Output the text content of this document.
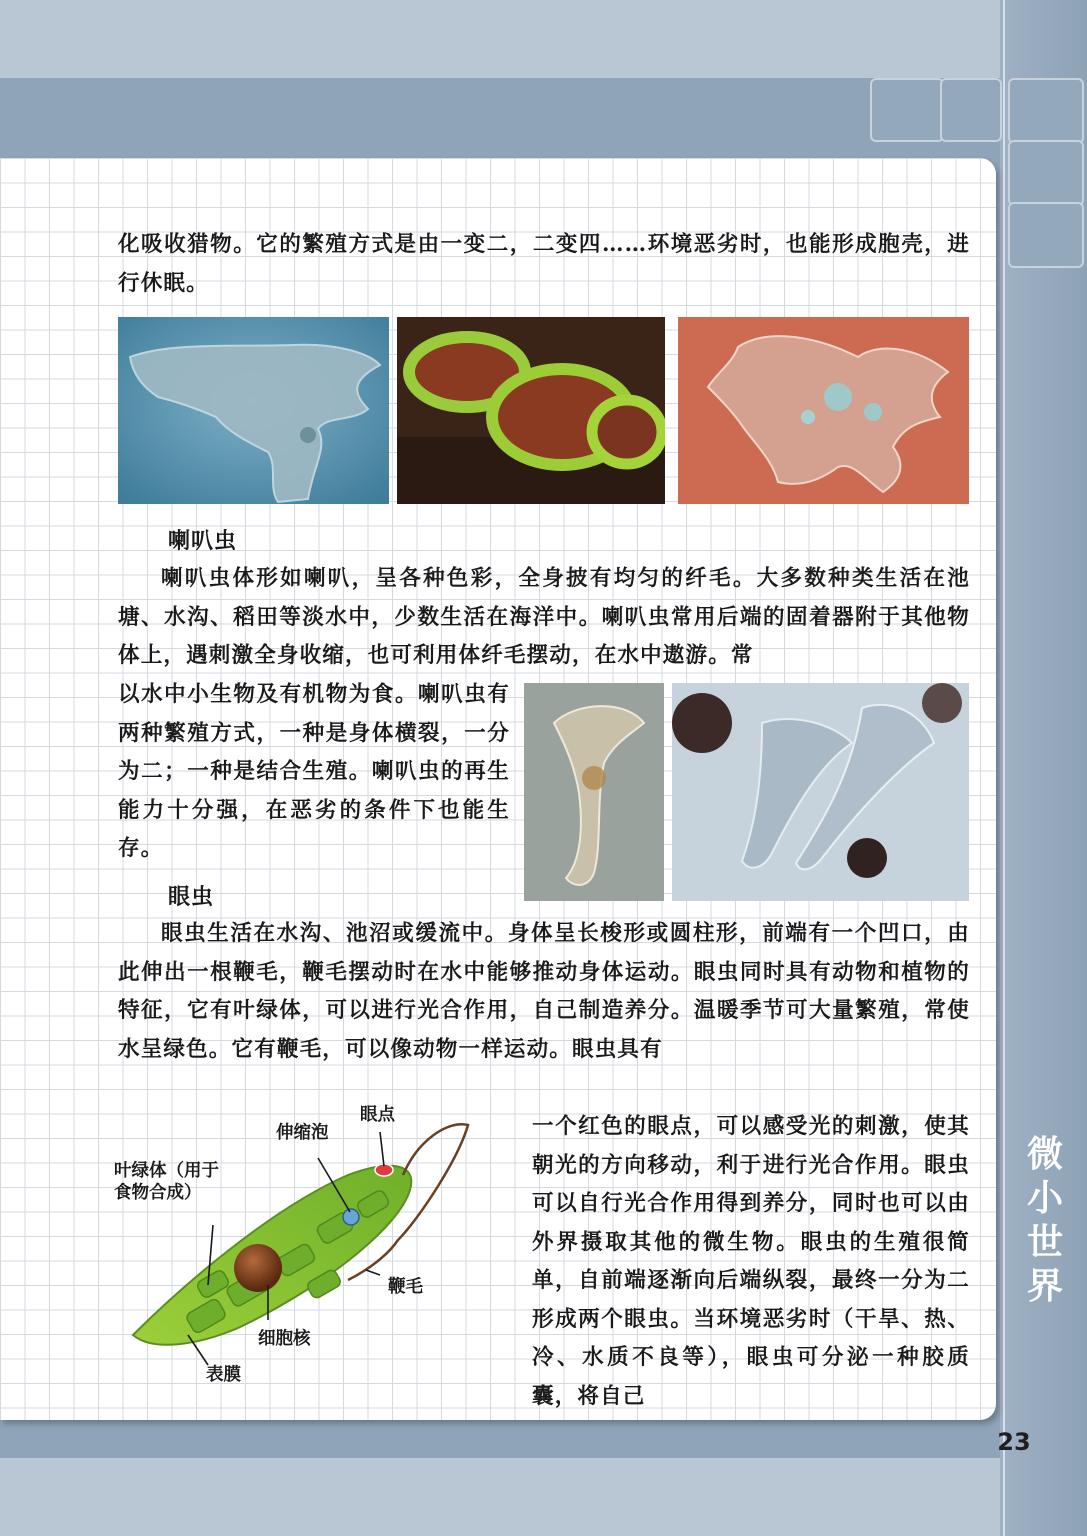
化吸收猎物。它的繁殖方式是由一变二，二变四……环境恶劣时，也能形成胞壳，进行休眠。

喇叭虫

喇叭虫体形如喇叭，呈各种色彩，全身披有均匀的纤毛。大多数种类生活在池塘、水沟、稻田等淡水中，少数生活在海洋中。喇叭虫常用后端的固着器附于其他物体上，遇刺激全身收缩，也可利用体纤毛摆动，在水中遨游。常

以水中小生物及有机物为食。喇叭虫有两种繁殖方式，一种是身体横裂，一分为二；一种是结合生殖。喇叭虫的再生能力十分强，在恶劣的条件下也能生存。

眼虫

眼虫生活在水沟、池沼或缓流中。身体呈长梭形或圆柱形，前端有一个凹口，由此伸出一根鞭毛，鞭毛摆动时在水中能够推动身体运动。眼虫同时具有动物和植物的特征，它有叶绿体，可以进行光合作用，自己制造养分。温暖季节可大量繁殖，常使水呈绿色。它有鞭毛，可以像动物一样运动。眼虫具有

一个红色的眼点，可以感受光的刺激，使其朝光的方向移动，利于进行光合作用。眼虫可以自行光合作用得到养分，同时也可以由外界摄取其他的微生物。眼虫的生殖很简单，自前端逐渐向后端纵裂，最终一分为二形成两个眼虫。当环境恶劣时（干旱、热、冷、水质不良等），眼虫可分泌一种胶质囊，将自己

叶绿体（用于
食物合成）
伸缩泡
眼点
鞭毛
细胞核
表膜
微
小
世
界
23
